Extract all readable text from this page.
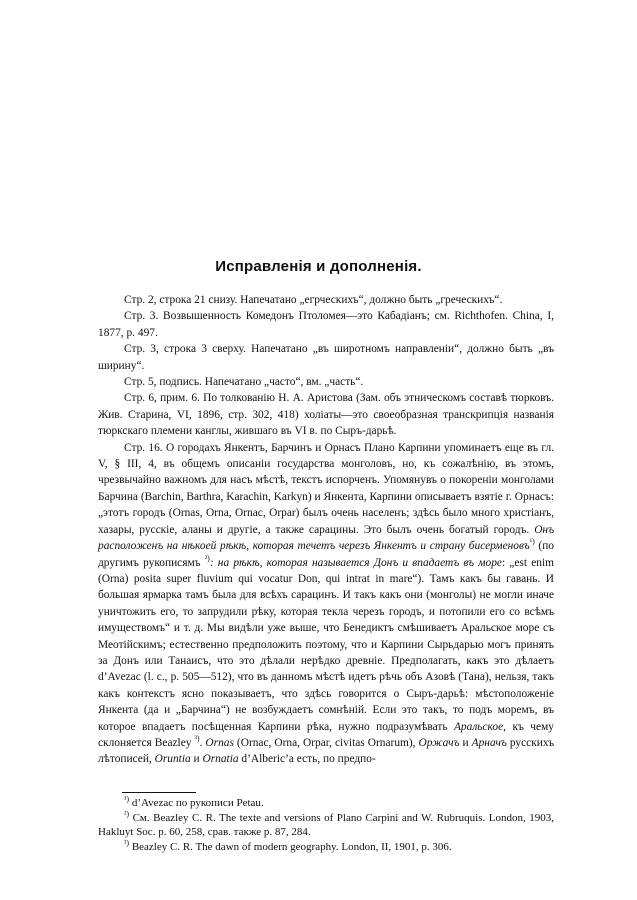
Исправленія и дополненія.

Стр. 2, строка 21 снизу. Напечатано „егрческихъ“, должно быть „греческихъ“.

Стр. 3. Возвышенность Комедонъ Птоломея—это Кабадіанъ; см. Richthofen. China, I, 1877, p. 497.

Стр. 3, строка 3 сверху. Напечатано „въ широтномъ направленіи“, должно быть „въ ширину“.

Стр. 5, подпись. Напечатано „часто“, вм. „часть“.

Стр. 6, прим. 6. По толкованію Н. А. Аристова (Зам. объ этническомъ составѣ тюрковъ. Жив. Старина, VI, 1896, стр. 302, 418) холіаты—это своеобразная транскрипція названія тюркскаго племени канглы, жившаго въ VI в. по Сыръ-дарьѣ.

Стр. 16. О городахъ Янкентъ, Барчинъ и Орнасъ Плано Карпини упоминаетъ еще въ гл. V, § III, 4, въ общемъ описаніи государства монголовъ, но, къ сожалѣнію, въ этомъ, чрезвычайно важномъ для насъ мѣстѣ, текстъ испорченъ. Упомянувъ о покореніи монголами Барчина (Barchin, Barthra, Karachin, Karkyn) и Янкента, Карпини описываетъ взятіе г. Орнасъ: „этотъ городъ (Ornas, Orna, Ornac, Orpar) былъ очень населенъ; здѣсь было много христіанъ, хазары, русскіе, аланы и другіе, а также сарацины. Это былъ очень богатый городъ. Онъ расположенъ на нѣкоей рѣкѣ, которая течетъ черезъ Янкентъ и страну бисерменовъ$^{^1)}$ (по другимъ рукописямъ $^{^2)}$: на рѣкѣ, которая называется Донъ и впадаетъ въ море: „est enim (Orna) posita super fluvium qui vocatur Don, qui intrat in mare“). Тамъ какъ бы гавань. И большая ярмарка тамъ была для всѣхъ сарацинъ. И такъ какъ они (монголы) не могли иначе уничтожить его, то запрудили рѣку, которая текла черезъ городъ, и потопили его со всѣмъ имуществомъ“ и т. д. Мы видѣли уже выше, что Бенедиктъ смѣшиваетъ Аральское море съ Меотійскимъ; естественно предположить поэтому, что и Карпини Сырьдарью могъ принять за Донъ или Танаисъ, что это дѣлали нерѣдко древніе. Предполагать, какъ это дѣлаетъ d’Avezac (l. c., p. 505—512), что въ данномъ мѣстѣ идетъ рѣчь объ Азовѣ (Тана), нельзя, такъ какъ контекстъ ясно показываетъ, что здѣсь говорится о Сыръ-дарьѣ: мѣстоположеніе Янкента (да и „Барчина“) не возбуждаетъ сомнѣній. Если это такъ, то подъ моремъ, въ которое впадаетъ посѣщенная Карпини рѣка, нужно подразумѣвать Аральское, къ чему склоняется Beazley $^{^3)}$. Ornas (Ornac, Orna, Orpar, civitas Ornarum), Оржачъ и Арначъ русскихъ лѣтописей, Oruntia и Ornatia d’Alberic’a есть, по предпо-

$^{^1)}$ d’Avezac по рукописи Petau.

$^{^2)}$ См. Beazley C. R. The texte and versions of Plano Carpini and W. Rubruquis. London, 1903, Hakluyt Soc. p. 60, 258, срав. также p. 87, 284.

$^{^3)}$ Beazley C. R. The dawn of modern geography. London, II, 1901, p. 306.
